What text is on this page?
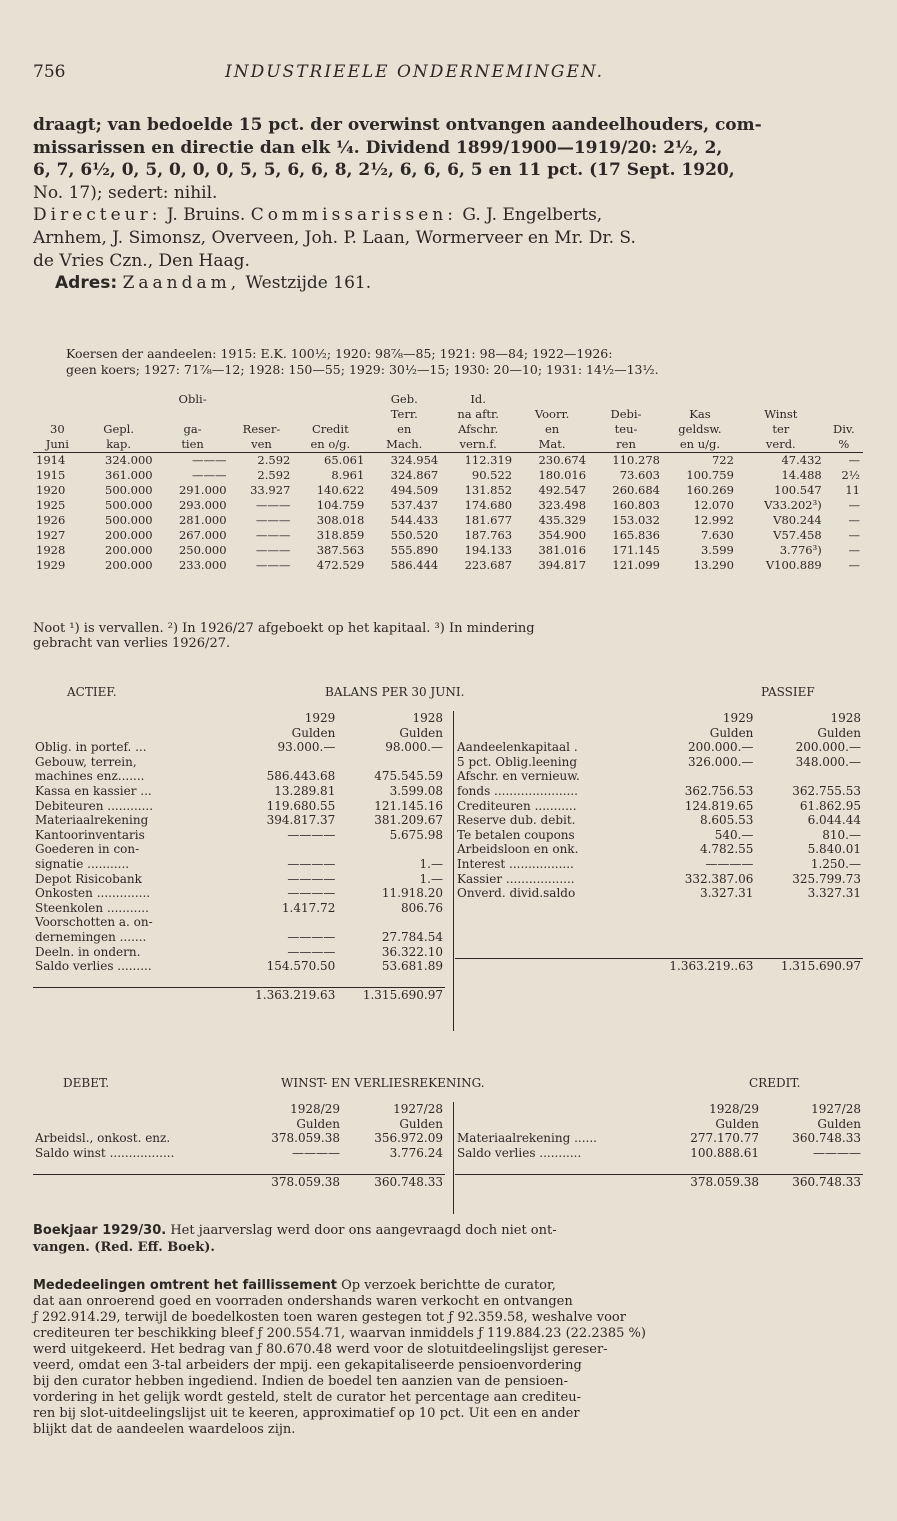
756	INDUSTRIEELE ONDERNEMINGEN.
draagt; van bedoelde 15 pct. der overwinst ontvangen aandeelhouders, com-
missarissen en directie dan elk ¼. Dividend 1899/1900—1919/20: 2½, 2,
6, 7, 6½, 0, 5, 0, 0, 0, 5, 5, 6, 6, 8, 2½, 6, 6, 6, 5 en 11 pct. (17 Sept. 1920,
No. 17); sedert: nihil.
Directeur: J. Bruins. Commissarissen: G. J. Engelberts,
Arnhem, J. Simonsz, Overveen, Joh. P. Laan, Wormerveer en Mr. Dr. S.
de Vries Czn., Den Haag.
Adres: Zaandam, Westzijde 161.
Koersen der aandeelen: 1915: E.K. 100½; 1920: 98⅞—85; 1921: 98—84; 1922—1926:
geen koers; 1927: 71⅞—12; 1928: 150—55; 1929: 30½—15; 1930: 20—10; 1931: 14½—13½.
		Obli-			Geb.	Id.					
					Terr.	na aftr.	Voorr.	Debi-	Kas	Winst	
30	Gepl.	ga-	Reser-	Credit	en	Afschr.	en	teu-	geldsw.	ter	Div.
Juni	kap.	tien	ven	en o/g.	Mach.	vern.f.	Mat.	ren	en u/g.	verd.	%
1914	324.000	———	2.592	65.061	324.954	112.319	230.674	110.278	722	47.432	—
1915	361.000	———	2.592	8.961	324.867	90.522	180.016	73.603	100.759	14.488	2½
1920	500.000	291.000	33.927	140.622	494.509	131.852	492.547	260.684	160.269	100.547	11
1925	500.000	293.000	———	104.759	537.437	174.680	323.498	160.803	12.070	V33.202³)	—
1926	500.000	281.000	———	308.018	544.433	181.677	435.329	153.032	12.992	V80.244	—
1927	200.000	267.000	———	318.859	550.520	187.763	354.900	165.836	7.630	V57.458	—
1928	200.000	250.000	———	387.563	555.890	194.133	381.016	171.145	3.599	3.776³)	—
1929	200.000	233.000	———	472.529	586.444	223.687	394.817	121.099	13.290	V100.889	—
Noot ¹) is vervallen. ²) In 1926/27 afgeboekt op het kapitaal. ³) In mindering
gebracht van verlies 1926/27.
ACTIEF.	BALANS PER 30 JUNI.	PASSIEF
	1929	1928
	Gulden	Gulden
Oblig. in portef. ...	93.000.—	98.000.—
Gebouw, terrein,		
machines enz.......	586.443.68	475.545.59
Kassa en kassier ...	13.289.81	3.599.08
Debiteuren ............	119.680.55	121.145.16
Materiaalrekening	394.817.37	381.209.67
Kantoorinventaris	————	5.675.98
Goederen in con-		
signatie ...........	————	1.—
Depot Risicobank	————	1.—
Onkosten ..............	————	11.918.20
Steenkolen ...........	1.417.72	806.76
Voorschotten a. on-		
dernemingen .......	————	27.784.54
Deeln. in ondern.	————	36.322.10
Saldo verlies .........	154.570.50	53.681.89

	1.363.219.63	1.315.690.97
	1929	1928
	Gulden	Gulden

Aandeelenkapitaal .	200.000.—	200.000.—
5 pct. Oblig.leening	326.000.—	348.000.—
Afschr. en vernieuw.		
fonds ......................	362.756.53	362.755.53
Crediteuren ...........	124.819.65	61.862.95
Reserve dub. debit.	8.605.53	6.044.44
Te betalen coupons	540.—	810.—
Arbeidsloon en onk.	4.782.55	5.840.01
Interest .................	————	1.250.—
Kassier ..................	332.387.06	325.799.73
Onverd. divid.saldo	3.327.31	3.327.31

	1.363.219..63	1.315.690.97
DEBET.	WINST- EN VERLIESREKENING.	CREDIT.
	1928/29	1927/28
	Gulden	Gulden
Arbeidsl., onkost. enz.	378.059.38	356.972.09
Saldo winst .................	————	3.776.24

	378.059.38	360.748.33
	1928/29	1927/28
	Gulden	Gulden
Materiaalrekening ......	277.170.77	360.748.33
Saldo verlies ...........	100.888.61	————

	378.059.38	360.748.33
Boekjaar 1929/30. Het jaarverslag werd door ons aangevraagd doch niet ont-
vangen. (Red. Eff. Boek).
Mededeelingen omtrent het faillissement Op verzoek berichtte de curator,
dat aan onroerend goed en voorraden ondershands waren verkocht en ontvangen
ƒ 292.914.29, terwijl de boedelkosten toen waren gestegen tot ƒ 92.359.58, weshalve voor
crediteuren ter beschikking bleef ƒ 200.554.71, waarvan inmiddels ƒ 119.884.23 (22.2385 %)
werd uitgekeerd. Het bedrag van ƒ 80.670.48 werd voor de slotuitdeelingslijst gereser-
veerd, omdat een 3-tal arbeiders der mpij. een gekapitaliseerde pensioenvordering
bij den curator hebben ingediend. Indien de boedel ten aanzien van de pensioen-
vordering in het gelijk wordt gesteld, stelt de curator het percentage aan crediteu-
ren bij slot-uitdeelingslijst uit te keeren, approximatief op 10 pct. Uit een en ander
blijkt dat de aandeelen waardeloos zijn.
